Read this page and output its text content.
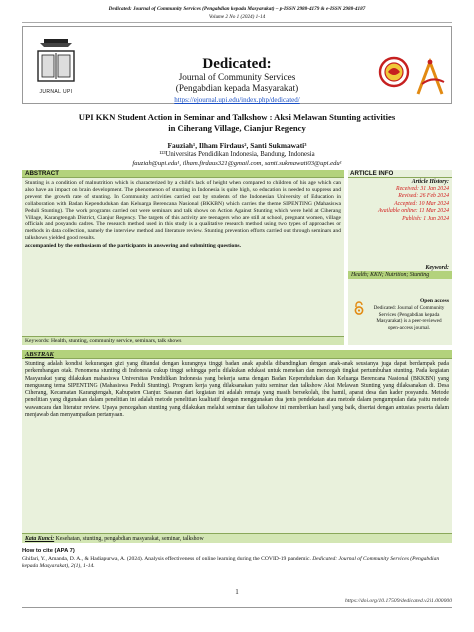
Dedicated: Journal of Community Services (Pengabdian kepada Masyarakat) – p-ISSN 2988-4179 & e-ISSN 2988-4187
Volume 2 No 1 (2024) 1-14
JURNAL UPI
Dedicated:
Journal of Community Services
(Pengabdian kepada Masyarakat)
https://ejournal.upi.edu/index.php/dedicated/
UPI KKN Student Action in Seminar and Talkshow : Aksi Melawan Stunting activities
in Ciherang Village, Cianjur Regency
Fauziah¹, Ilham Firdaus², Santi Sukmawati³
¹²³Universitas Pendidikan Indonesia, Bandung, Indonesia
fauziah@upi.edu¹, ilham.firdaus321@gmail.com, santi.sukmawati03@upi.edu¹
ABSTRACT
Stunting is a condition of malnutrition which is characterized by a child's lack of height when compared to children of his age which can also have an impact on brain development. The phenomenon of stunting in Indonesia is quite high, so education is needed to suppress and prevent the growth rate of stunting. In Community activities carried out by students of the Indonesian University of Education in collaboration with Badan Kependudukan dan Keluarga Berencana Nasional (BKKBN) which carries the theme SIPENTING (Mahasiswa Peduli Stunting). The work programs carried out were seminars and talk shows on Action Against Stunting which were held at Ciherang Village, Karangtengah District, Cianjur Regency. The targets of this activity are teenagers who are still at school, pregnant women, village officials and posyandu cadres. The research method used in this study is a qualitative research method using two types of approaches or methods in data collection, namely the interview method and literature review. Stunting prevention efforts carried out through seminars and talkshows yielded good results.
accompanied by the enthusiasm of the participants in answering and submitting questions.
Keywords: Health, stunting, community service, seminars, talk shows
ARTICLE INFO
Article History:
Received: 31 Jan 2024
Revised: 26 Feb 2024
Accepted: 10 Mar 2024
Available online: 11 Mar 2024
Publish: 1 Jun 2024
Keyword:
Health; KKN; Nutrition; Stunting
Open access
Dedicated: Journal of Community Services (Pengabdian kepada Masyarakat) is a peer-reviewed open-access journal.
ABSTRAK
Stunting adalah kondisi kekurangan gizi yang ditandai dengan kurangnya tinggi badan anak apabila dibandingkan dengan anak-anak seusianya juga dapat berdampak pada perkembangan otak. Fenomena stunting di Indonesia cukup tinggi sehingga perlu dilakukan edukasi untuk menekan dan mencegah tingkat pertumbuhan stunting. Pada kegiatan Masyarakat yang dilakukan mahasiswa Universitas Pendidikan Indonesia yang bekerja sama dengan Badan Kependudukan dan Keluarga Berencana Nasional (BKKBN) yang mengusung tema SIPENTING (Mahasiswa Peduli Stunting). Program kerja yang dilaksanakan yaitu seminar dan talkshow Aksi Melawan Stunting yang dilaksanakan di. Desa Ciherang, Kecamatan Karangtengah, Kabupaten Cianjur. Sasaran dari kegiatan ini adalah remaja yang masih bersekolah, ibu hamil, aparat desa dan kader posyandu. Metode penelitian yang digunakan dalam penelitian ini adalah metode penelitian kualitatif dengan menggunakan dua jenis pendekatan atau metode dalam pengumpulan data yaitu metode wawancara dan literatur review. Upaya pencegahan stunting yang dilakukan melalui seminar dan talkshow ini memberikan hasil yang baik, disertai dengan antusias peserta dalam menjawab dan menyampaikan pertanyaan.
Kata Kunci: Kesehatan, stunting, pengabdian masyarakat, seminar, talkshow
How to cite (APA 7)
Ghifari, Y., Amanda, D. A., & Hadiapurwa, A. (2024). Analysis effectiveness of online learning during the COVID-19 pandemic. Dedicated: Journal of Community Services (Pengabdian kepada Masyarakat), 2(1), 1-14.
1
https://doi.org/10.17509/dedicated.v2i1.000000
